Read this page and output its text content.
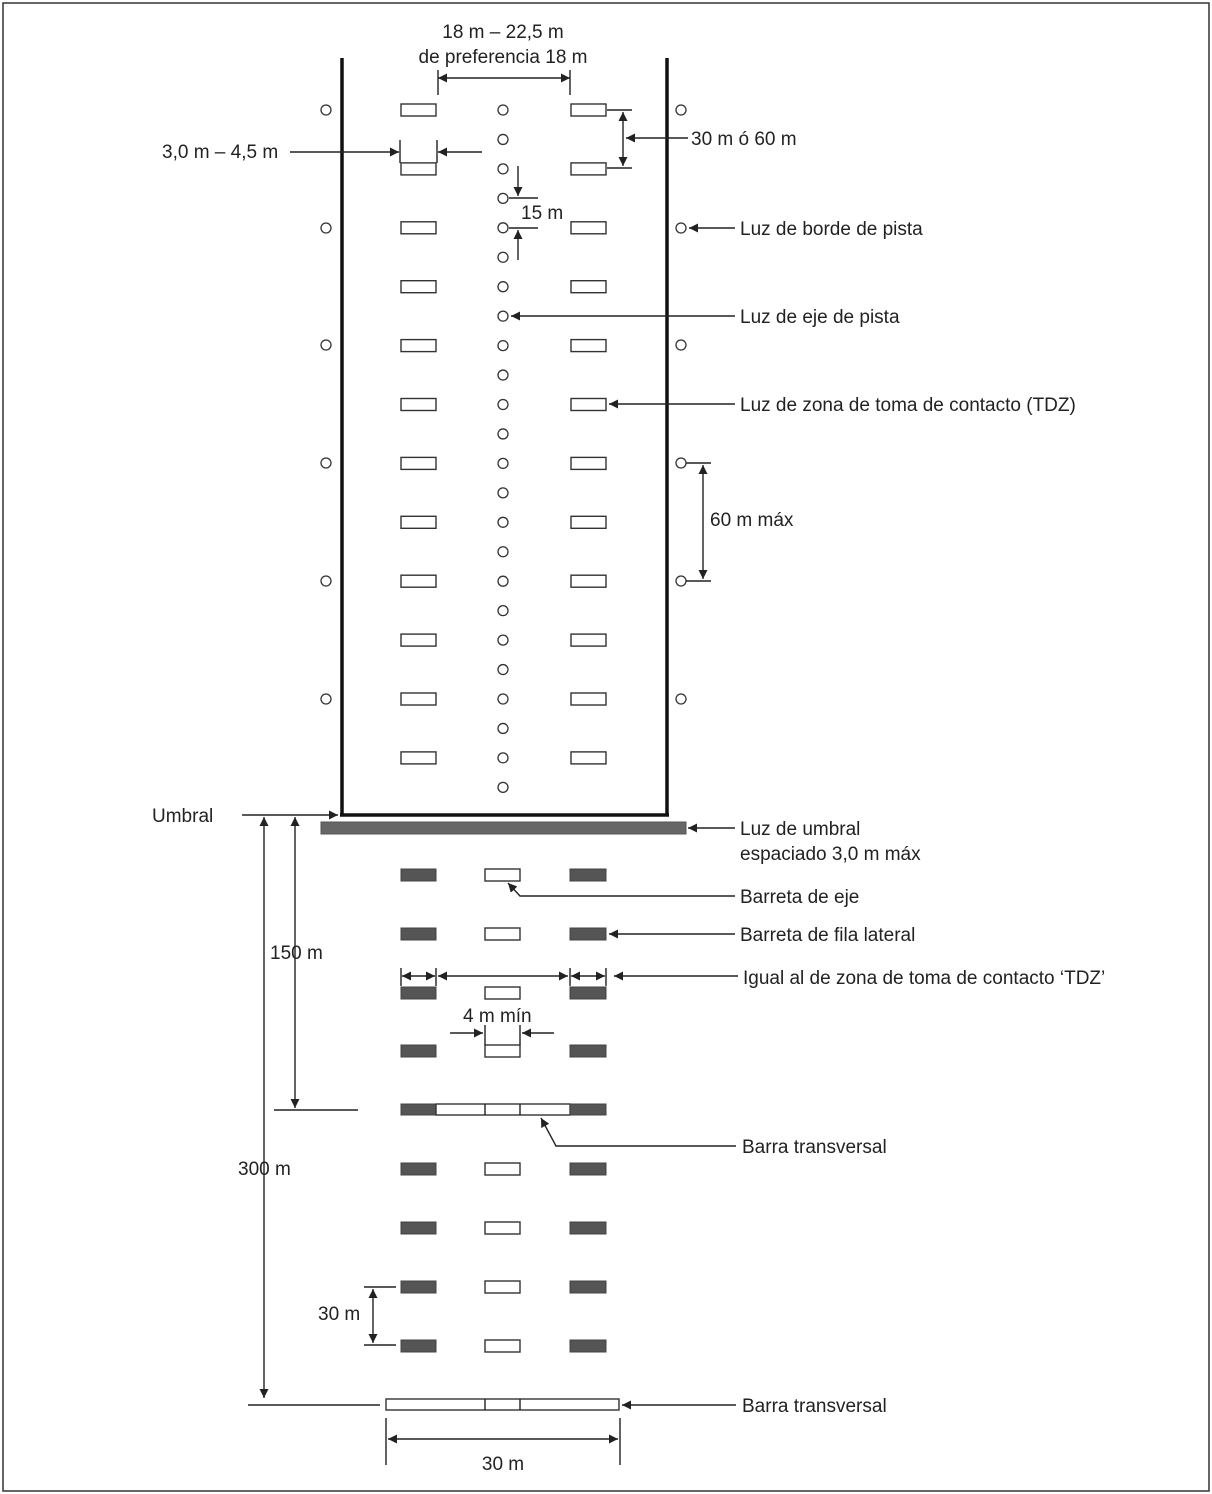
18 m – 22,5 m
de preferencia 18 m
3,0 m – 4,5 m
30 m ó 60 m
15 m
Luz de borde de pista
Luz de eje de pista
Luz de zona de toma de contacto (TDZ)
60 m máx
Umbral
Luz de umbral
espaciado 3,0 m máx
Barreta de eje
Barreta de fila lateral
Igual al de zona de toma de contacto ‘TDZ’
4 m mín
150 m
Barra transversal
300 m
30 m
Barra transversal
30 m
